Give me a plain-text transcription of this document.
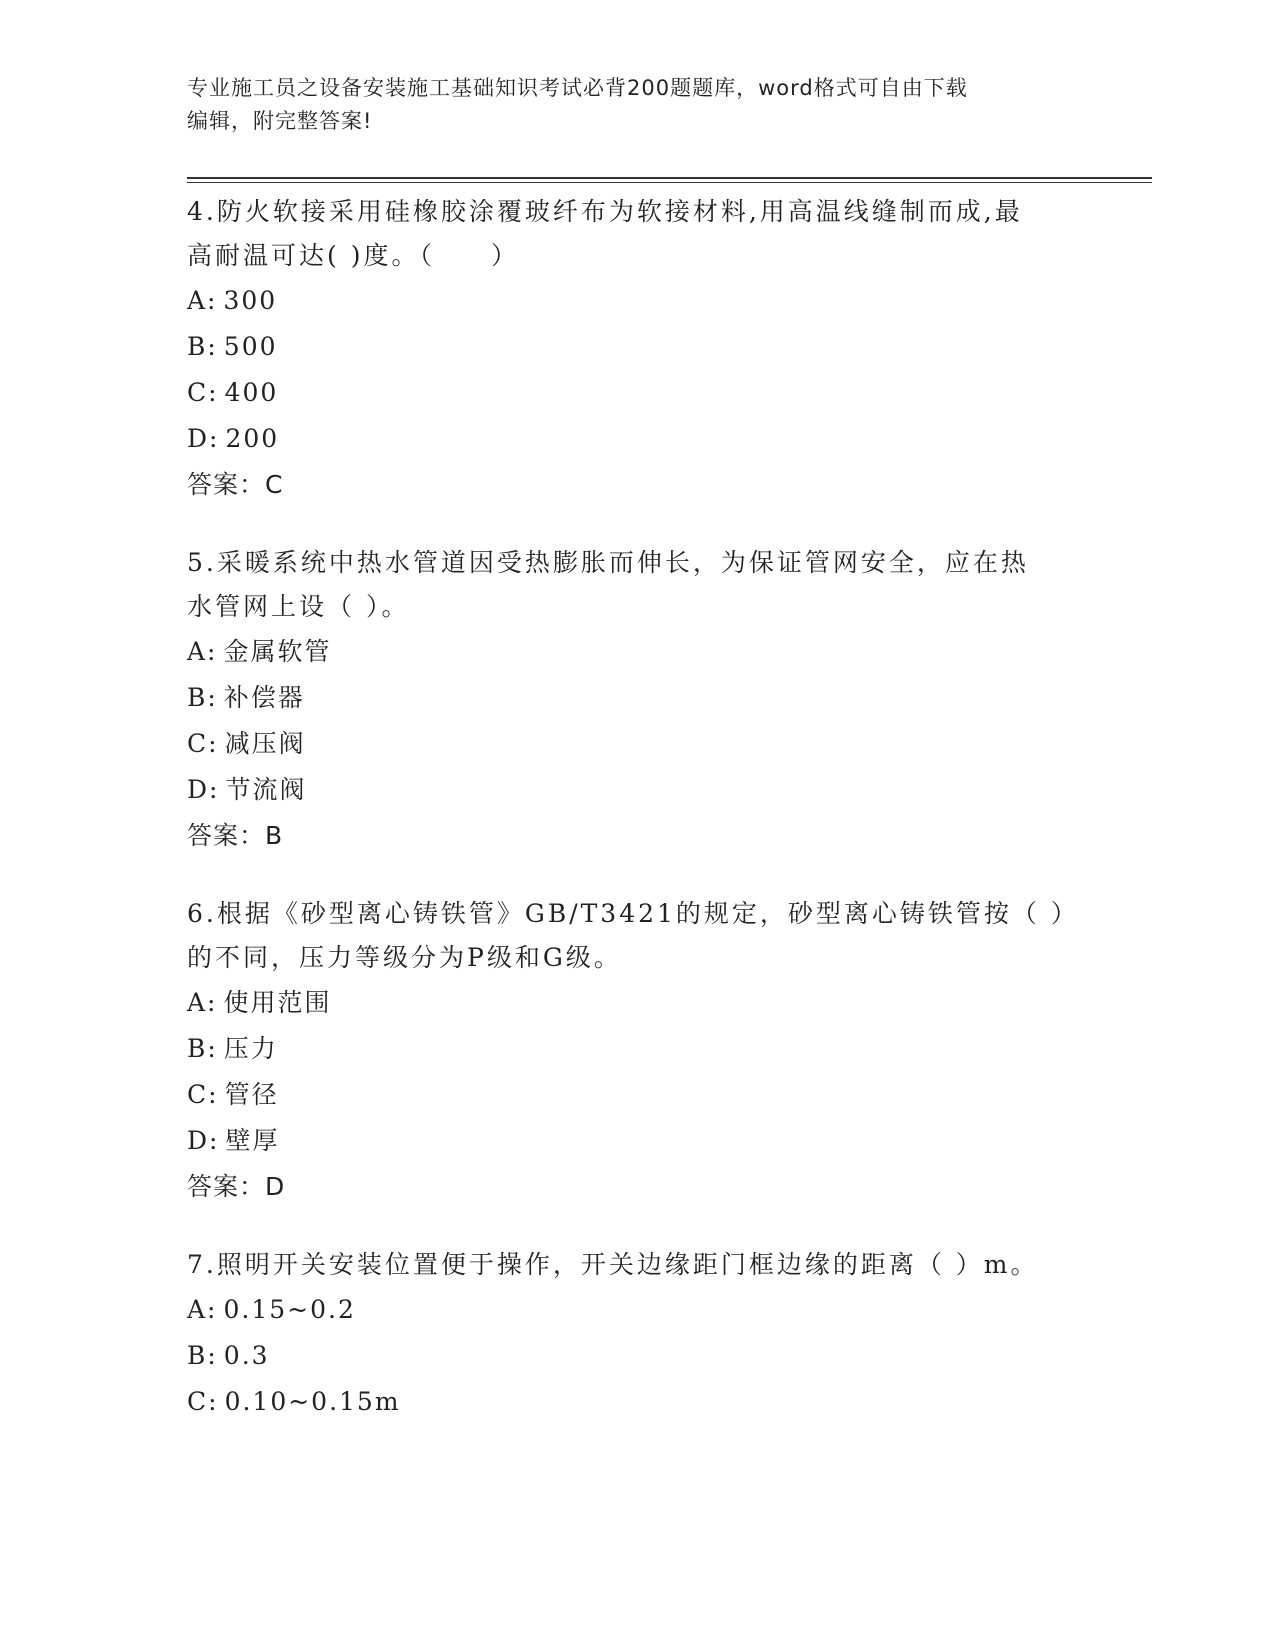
专业施工员之设备安装施工基础知识考试必背200题题库，word格式可自由下载
编辑，附完整答案!
4.防火软接采用硅橡胶涂覆玻纤布为软接材料,用高温线缝制而成,最
高耐温可达( )度。（　　）
A: 300
B: 500
C: 400
D: 200
答案：C
5.采暖系统中热水管道因受热膨胀而伸长，为保证管网安全，应在热
水管网上设（ ）。
A: 金属软管
B: 补偿器
C: 减压阀
D: 节流阀
答案：B
6.根据《砂型离心铸铁管》GB/T3421的规定，砂型离心铸铁管按（ ）
的不同，压力等级分为P级和G级。
A: 使用范围
B: 压力
C: 管径
D: 壁厚
答案：D
7.照明开关安装位置便于操作，开关边缘距门框边缘的距离（ ）m。
A: 0.15~0.2
B: 0.3
C: 0.10~0.15m
